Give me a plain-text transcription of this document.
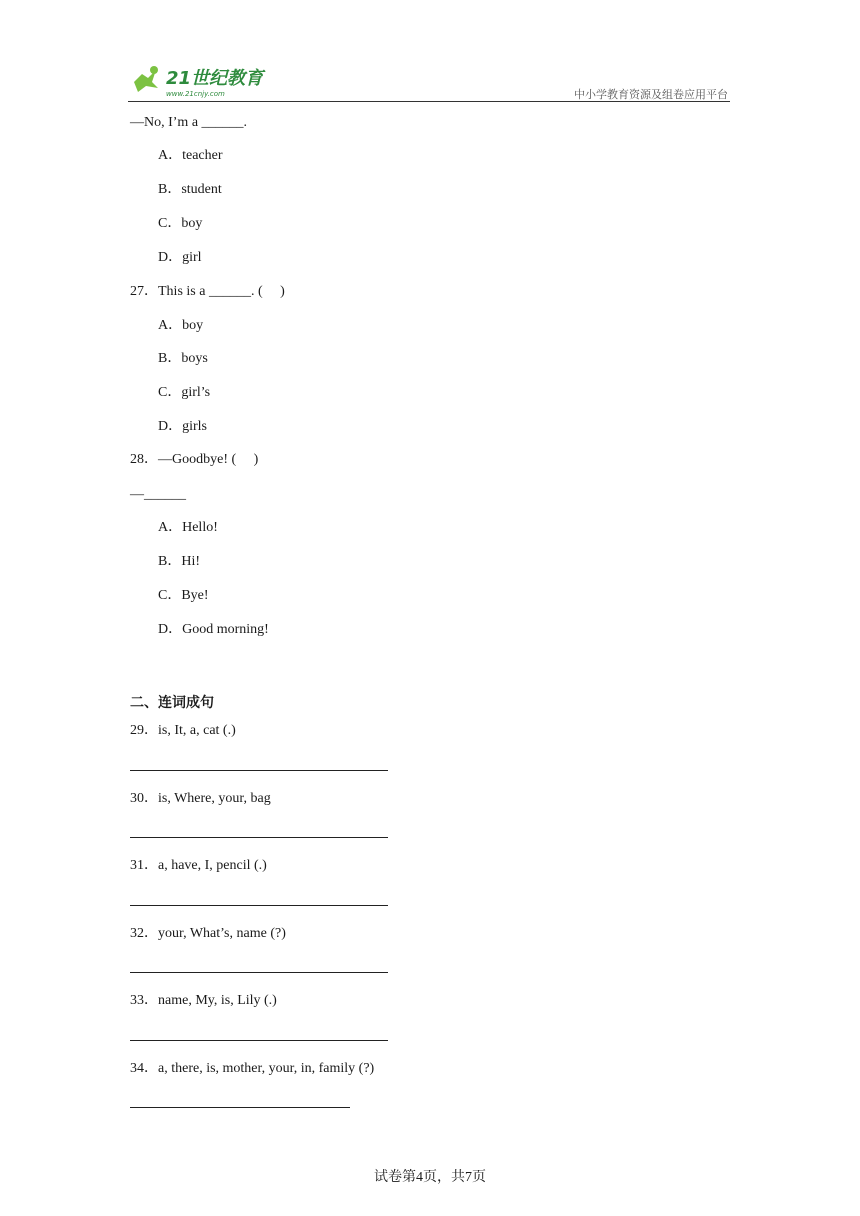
21世纪教育
www.21cnjy.com	中小学教育资源及组卷应用平台
—No, I’m a ______.
A．teacher
B．student
C．boy
D．girl
27．This is a ______. (     )
A．boy
B．boys
C．girl’s
D．girls
28．—Goodbye! (     )
—______
A．Hello!
B．Hi!
C．Bye!
D．Good morning!
二、连词成句
29．is, It, a, cat (.)
30．is, Where, your, bag
31．a, have, I, pencil (.)
32．your, What’s, name (?)
33．name, My, is, Lily (.)
34．a, there, is, mother, your, in, family (?)
试卷第4页，共7页
